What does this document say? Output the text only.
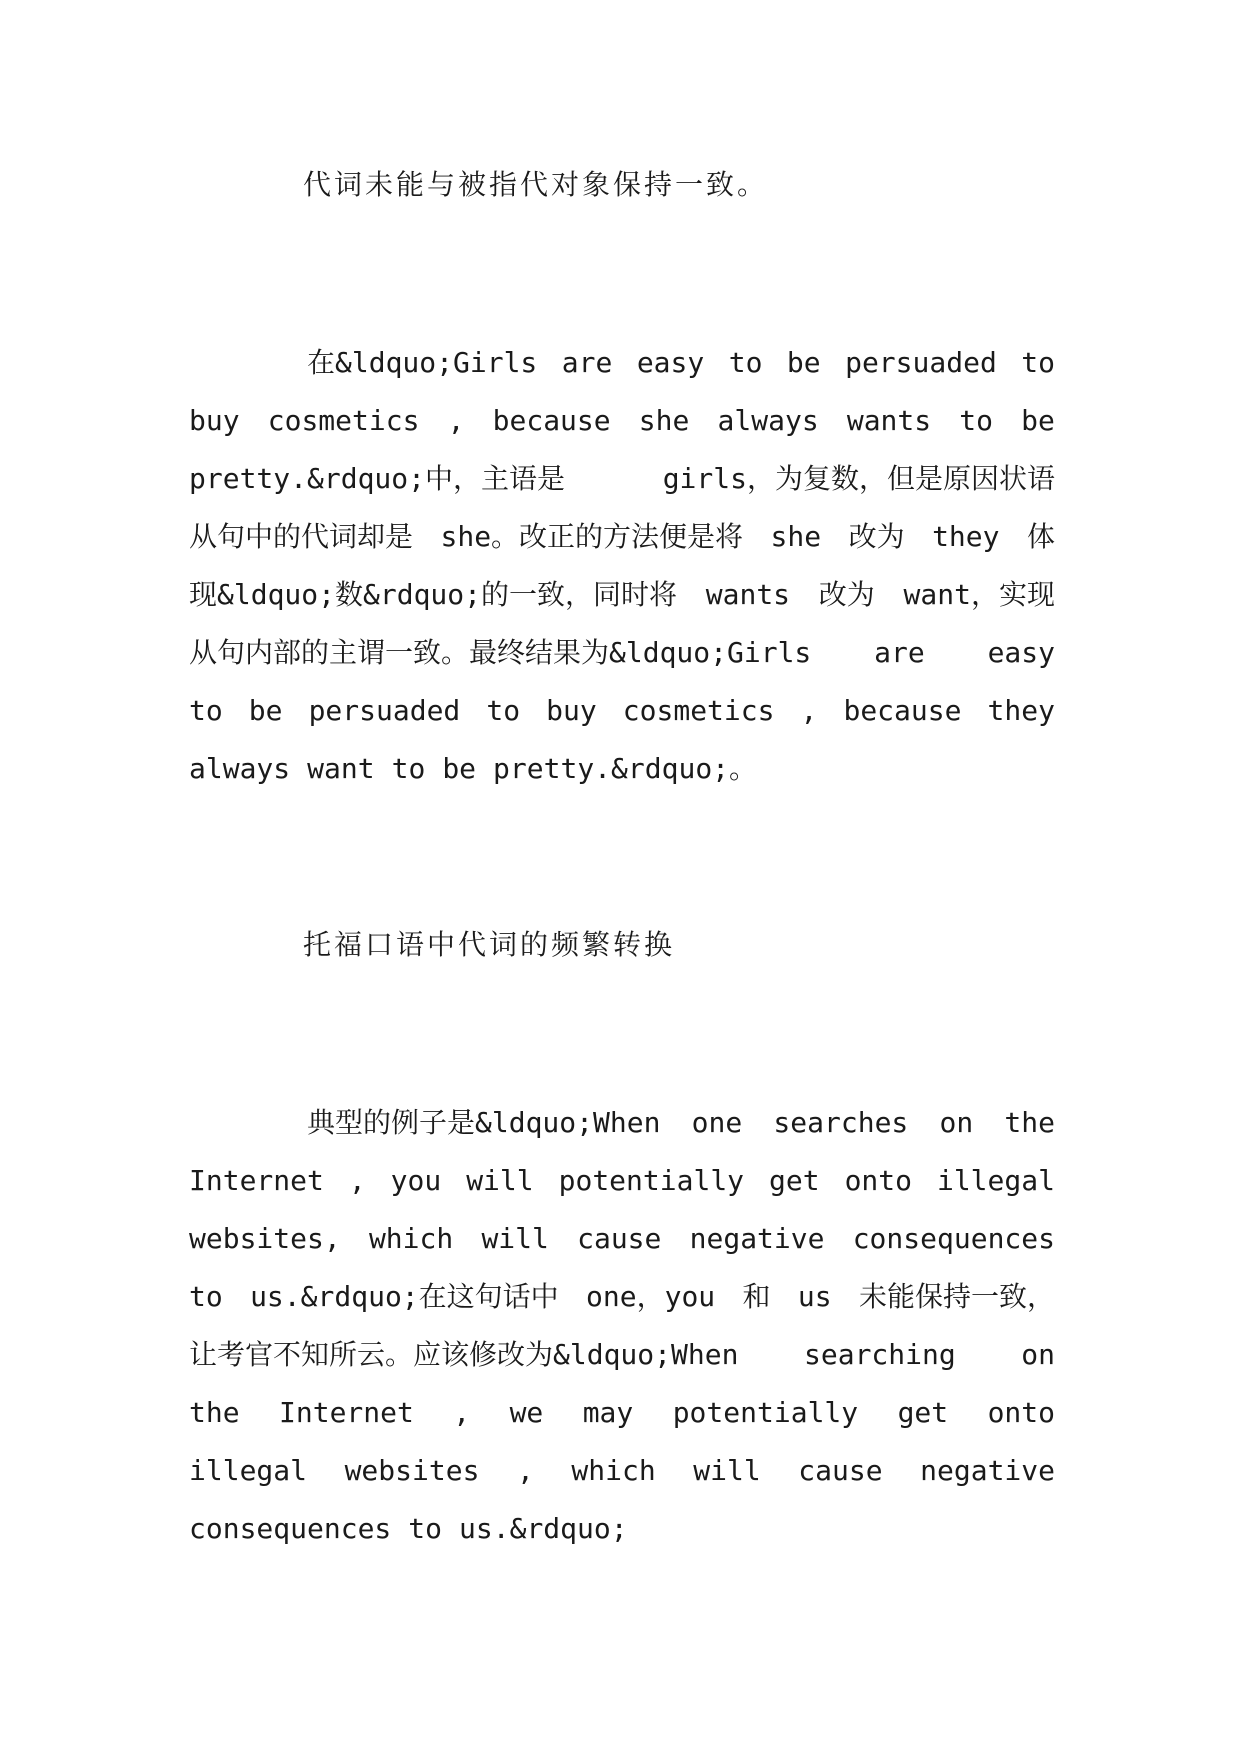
代词未能与被指代对象保持一致。
在&ldquo;Girls are easy to be persuaded to
buy cosmetics , because she always wants to be
pretty.&rdquo;中，主语是	girls，为复数，但是原因状语
从句中的代词却是 she。改正的方法便是将 she 改为 they 体
现&ldquo;数&rdquo;的一致，同时将 wants 改为 want，实现
从句内部的主谓一致。最终结果为&ldquo;Girls are easy
to be persuaded to buy cosmetics , because they
always want to be pretty.&rdquo;。
托福口语中代词的频繁转换
典型的例子是&ldquo;When one searches on the
Internet , you will potentially get onto illegal
websites, which will cause negative consequences
to us.&rdquo;在这句话中 one，you 和 us 未能保持一致，
让考官不知所云。应该修改为&ldquo;When searching on
the Internet , we may potentially get onto
illegal websites , which will cause negative
consequences to us.&rdquo;
